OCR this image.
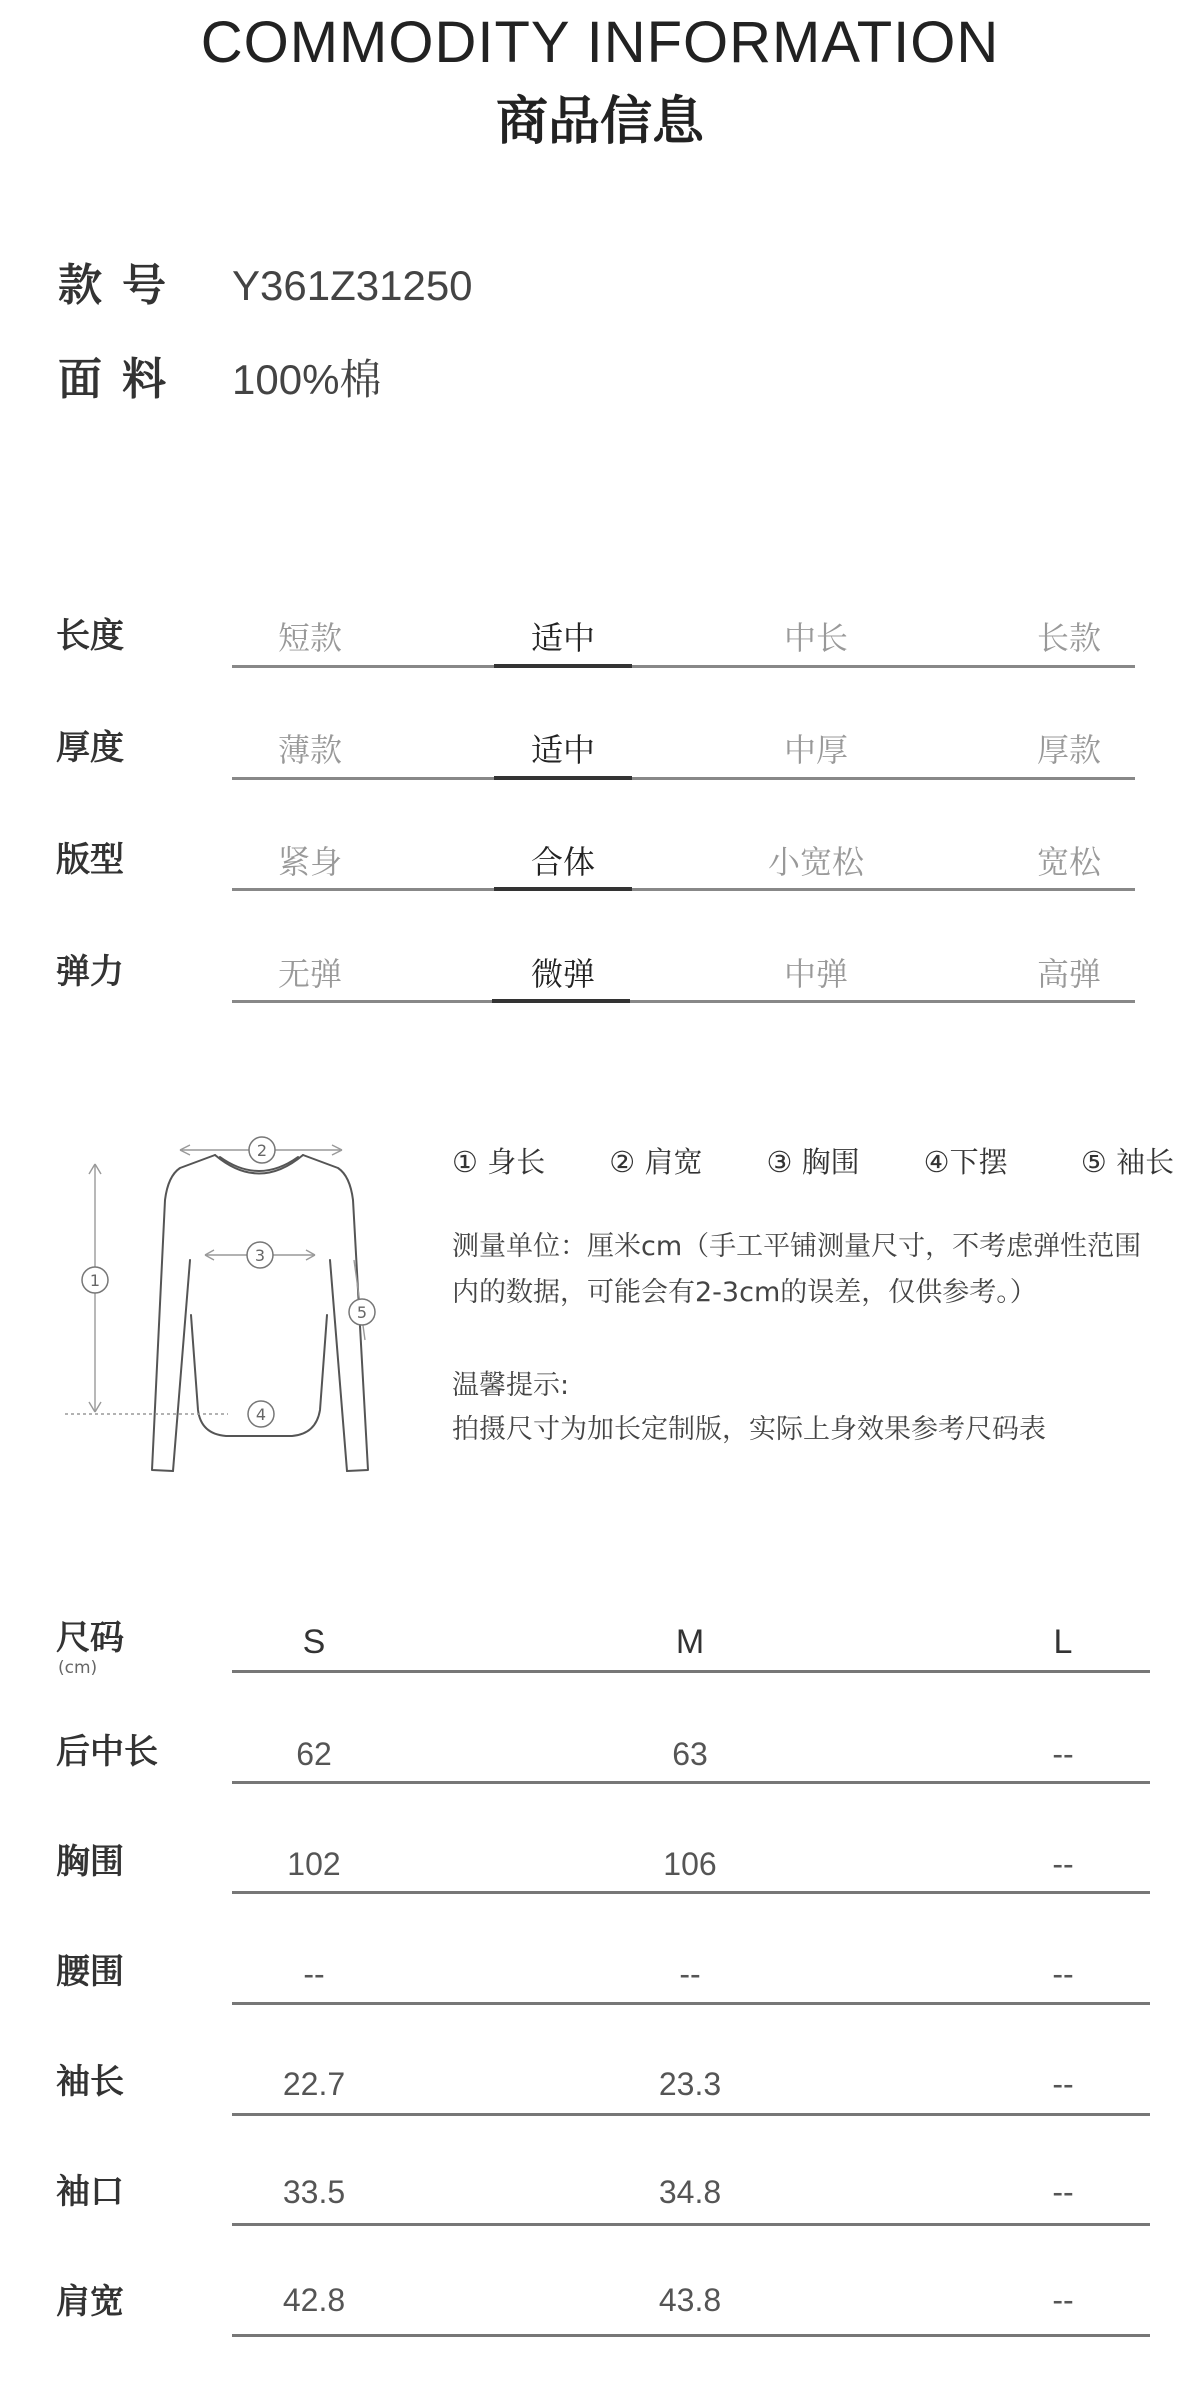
COMMODITY INFORMATION
商品信息
款号 Y361Z31250
面料 100%棉
长度	短款	适中	中长	长款
厚度	薄款	适中	中厚	厚款
版型	紧身	合体	小宽松	宽松
弹力	无弹	微弹	中弹	高弹
2
3
1
4
5
① 身长 ② 肩宽 ③ 胸围 ④下摆	⑤ 袖长
测量单位：厘米cm（手工平铺测量尺寸，不考虑弹性范围内的数据，可能会有2-3cm的误差，仅供参考。）
温馨提示:
拍摄尺寸为加长定制版，实际上身效果参考尺码表
尺码
(cm)
S	M	L
后中长	62	63	--
胸围	102	106	--
腰围	--	--	--
袖长	22.7	23.3	--
袖口	33.5	34.8	--
肩宽	42.8	43.8	--
